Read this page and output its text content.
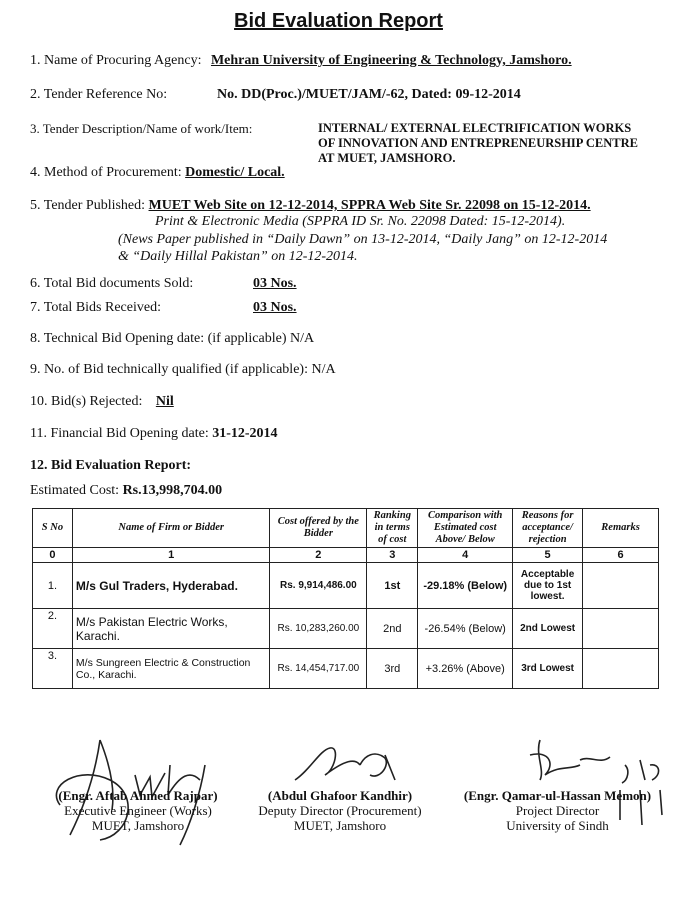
Bid Evaluation Report
1. Name of Procuring Agency: Mehran University of Engineering & Technology, Jamshoro.
2. Tender Reference No:	No. DD(Proc.)/MUET/JAM/-62, Dated: 09-12-2014
3. Tender Description/Name of work/Item:	INTERNAL/ EXTERNAL ELECTRIFICATION WORKS
OF INNOVATION AND ENTREPRENEURSHIP CENTRE
AT MUET, JAMSHORO.
4. Method of Procurement: Domestic/ Local.
5. Tender Published: MUET Web Site on 12-12-2014, SPPRA Web Site Sr. 22098 on 15-12-2014.
Print & Electronic Media (SPPRA ID Sr. No. 22098 Dated: 15-12-2014).
(News Paper published in “Daily Dawn” on 13-12-2014, “Daily Jang” on 12-12-2014
& “Daily Hillal Pakistan” on 12-12-2014.
6. Total Bid documents Sold:	03 Nos.
7. Total Bids Received:	03 Nos.
8. Technical Bid Opening date: (if applicable) N/A
9. No. of Bid technically qualified (if applicable): N/A
10. Bid(s) Rejected: Nil
11. Financial Bid Opening date: 31-12-2014
12. Bid Evaluation Report:
Estimated Cost: Rs.13,998,704.00
S No	Name of Firm or Bidder	Cost offered by the Bidder	Ranking in terms of cost	Comparison with Estimated cost Above/ Below	Reasons for acceptance/ rejection	Remarks
0	1	2	3	4	5	6
1.	M/s Gul Traders, Hyderabad.	Rs. 9,914,486.00	1st	-29.18% (Below)	Acceptable due to 1st lowest.	
2.	M/s Pakistan Electric Works, Karachi.	Rs. 10,283,260.00	2nd	-26.54% (Below)	2nd Lowest	
3.	M/s Sungreen Electric & Construction Co., Karachi.	Rs. 14,454,717.00	3rd	+3.26% (Above)	3rd Lowest	
(Engr. Aftab Ahmed Rajpar)
Executive Engineer (Works)
MUET, Jamshoro
(Abdul Ghafoor Kandhir)
Deputy Director (Procurement)
MUET, Jamshoro
(Engr. Qamar-ul-Hassan Memon)
Project Director
University of Sindh
